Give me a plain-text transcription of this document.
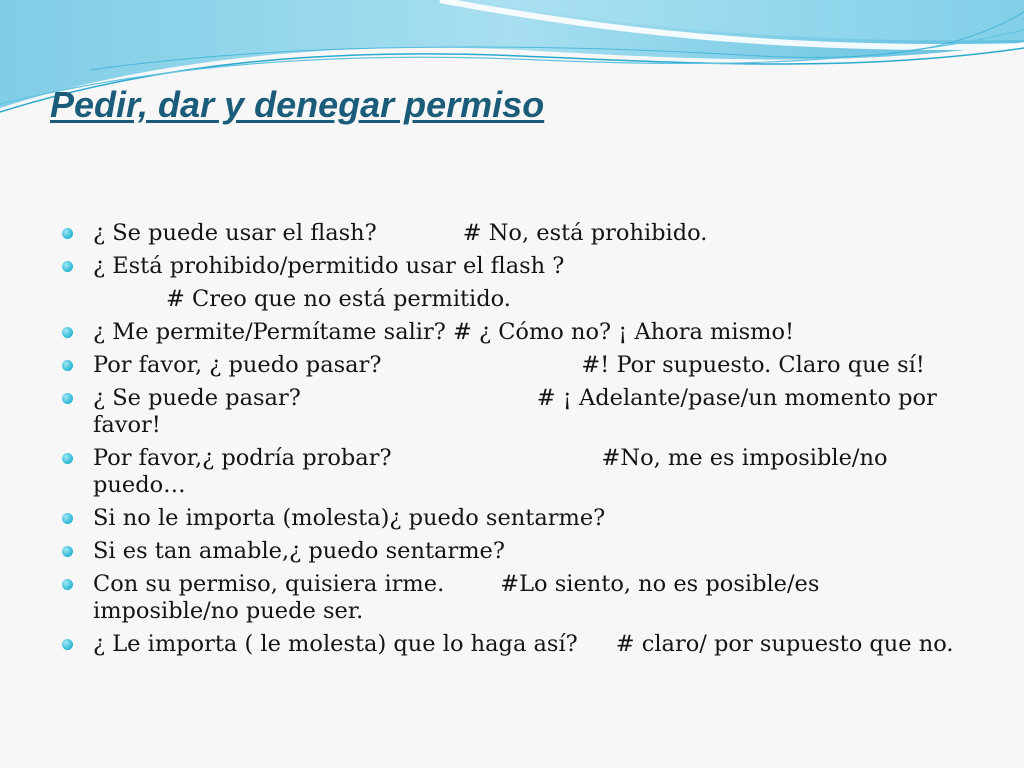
Pedir, dar y denegar permiso
¿ Se puede usar el flash?	# No, está prohibido.
¿ Está prohibido/permitido usar el flash ?
# Creo que no está permitido.
¿ Me permite/Permítame salir? # ¿ Cómo no? ¡ Ahora mismo!
Por favor, ¿ puedo pasar?	#! Por supuesto. Claro que sí!
¿ Se puede pasar?	# ¡ Adelante/pase/un momento por favor!
Por favor,¿ podría probar?	#No, me es imposible/no puedo…
Si no le importa (molesta)¿ puedo sentarme?
Si es tan amable,¿ puedo sentarme?
Con su permiso, quisiera irme. #Lo siento, no es posible/es imposible/no puede ser.
¿ Le importa ( le molesta) que lo haga así? # claro/ por supuesto que no.
